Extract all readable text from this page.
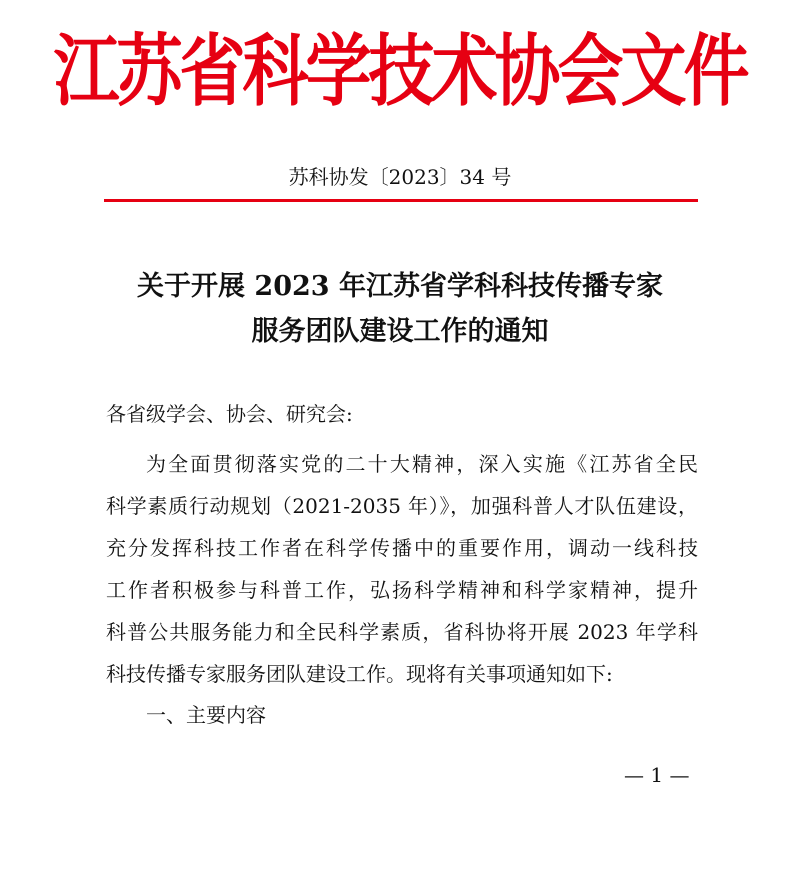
江苏省科学技术协会文件
苏科协发〔2023〕34 号
关于开展 2023 年江苏省学科科技传播专家
服务团队建设工作的通知
各省级学会、协会、研究会:
为全面贯彻落实党的二十大精神，深入实施《江苏省全民
科学素质行动规划（2021-2035 年）》，加强科普人才队伍建设，
充分发挥科技工作者在科学传播中的重要作用，调动一线科技
工作者积极参与科普工作，弘扬科学精神和科学家精神，提升
科普公共服务能力和全民科学素质，省科协将开展 2023 年学科
科技传播专家服务团队建设工作。现将有关事项通知如下:
一、主要内容
— 1 —
